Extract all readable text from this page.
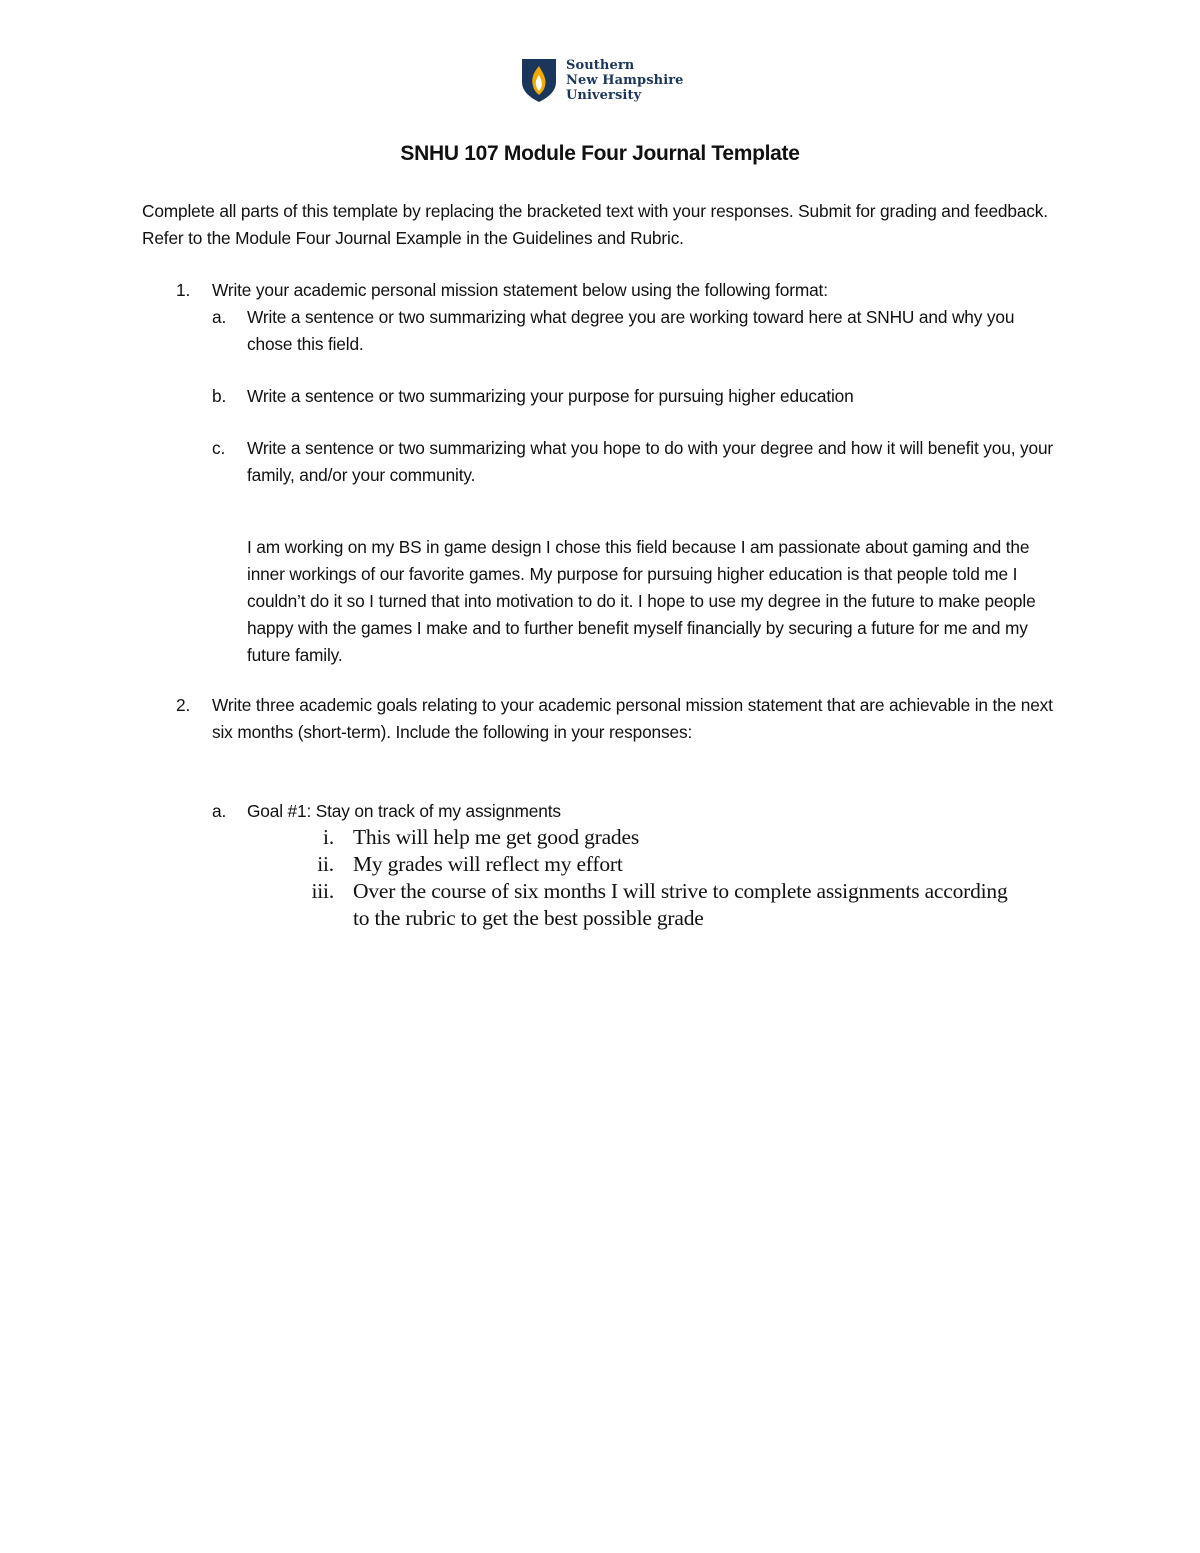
Southern
New Hampshire
University
SNHU 107 Module Four Journal Template
Complete all parts of this template by replacing the bracketed text with your responses. Submit for grading and feedback. Refer to the Module Four Journal Example in the Guidelines and Rubric.
1. Write your academic personal mission statement below using the following format:
a. Write a sentence or two summarizing what degree you are working toward here at SNHU and why you chose this field.
b. Write a sentence or two summarizing your purpose for pursuing higher education
c. Write a sentence or two summarizing what you hope to do with your degree and how it will benefit you, your family, and/or your community.
I am working on my BS in game design I chose this field because I am passionate about gaming and the inner workings of our favorite games. My purpose for pursuing higher education is that people told me I couldn’t do it so I turned that into motivation to do it. I hope to use my degree in the future to make people happy with the games I make and to further benefit myself financially by securing a future for me and my future family.
2. Write three academic goals relating to your academic personal mission statement that are achievable in the next six months (short-term). Include the following in your responses:
a. Goal #1: Stay on track of my assignments
i. This will help me get good grades
ii. My grades will reflect my effort
iii. Over the course of six months I will strive to complete assignments according to the rubric to get the best possible grade
